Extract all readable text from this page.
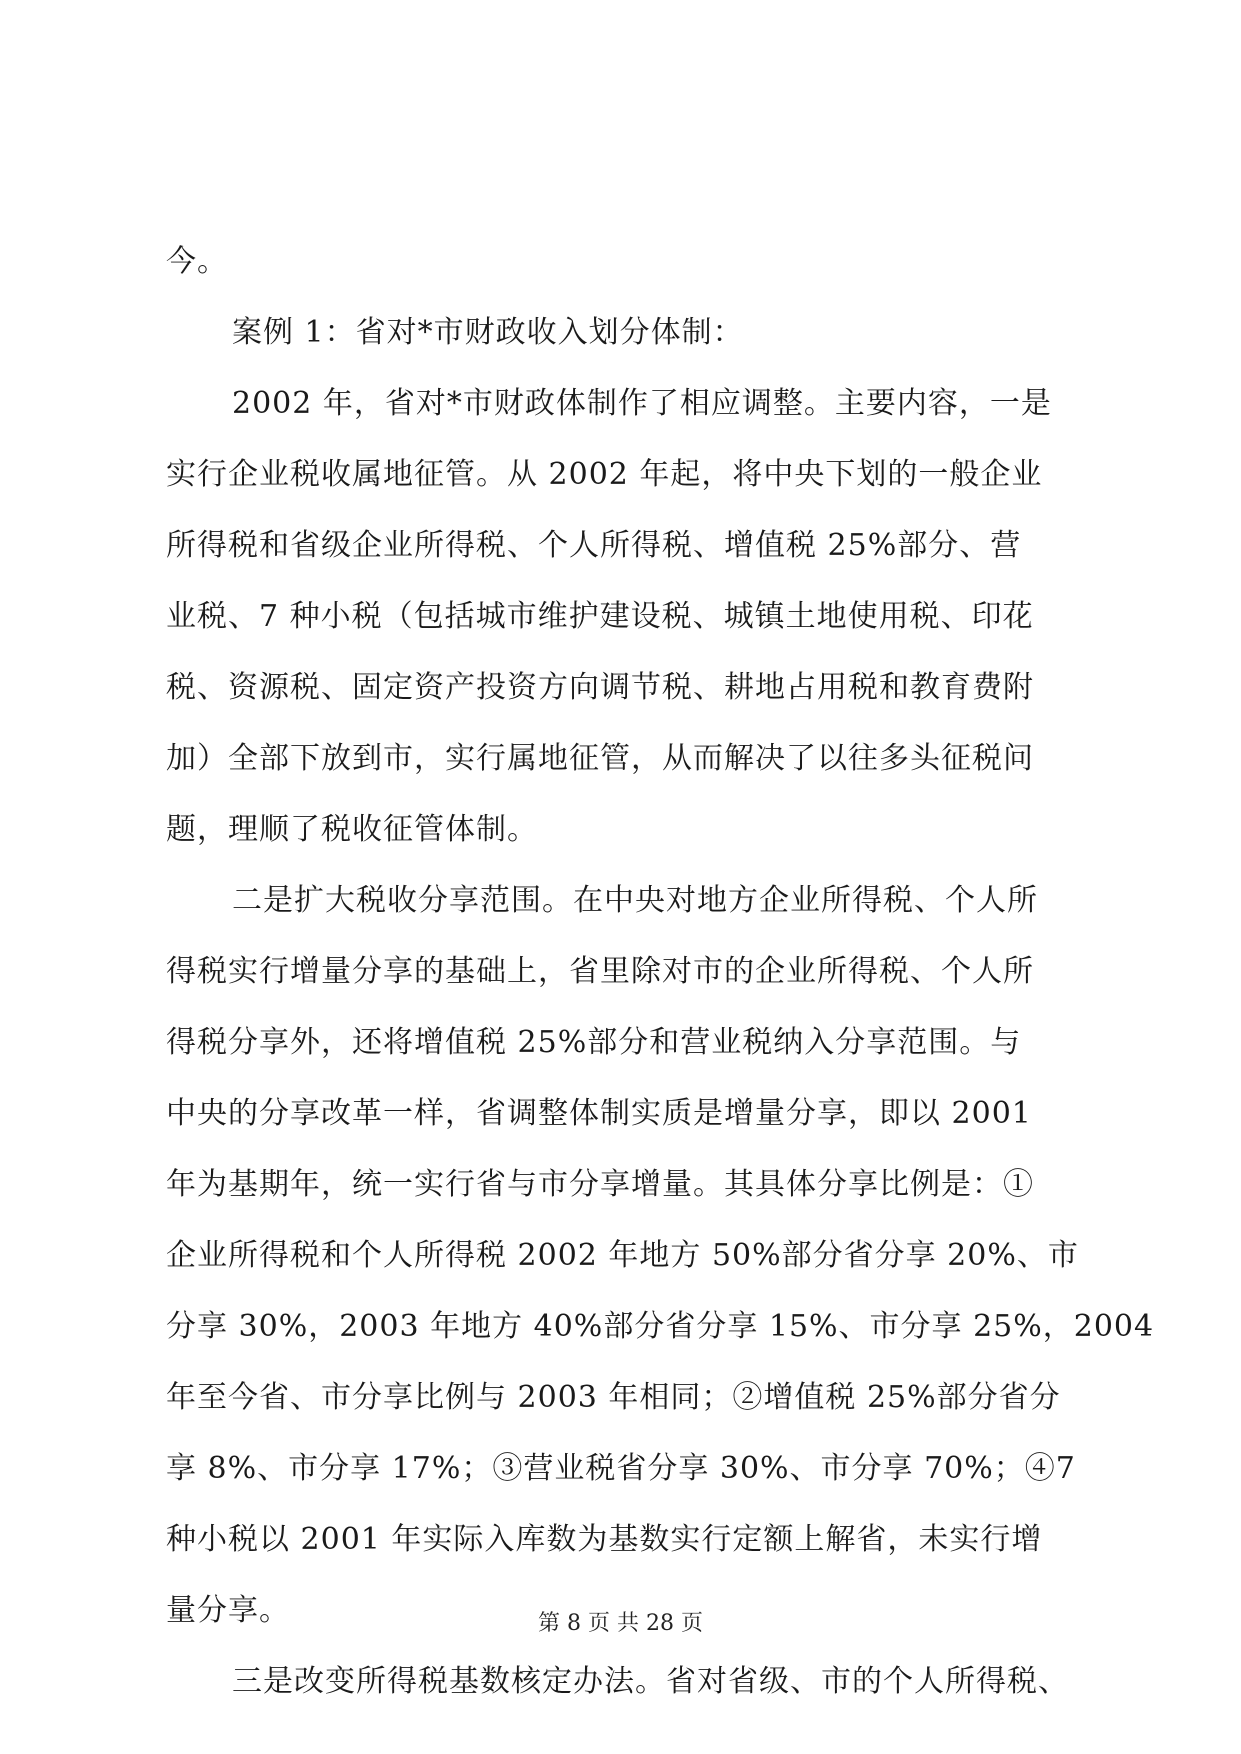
今。
案例 1：省对*市财政收入划分体制：
2002 年，省对*市财政体制作了相应调整。主要内容，一是
实行企业税收属地征管。从 2002 年起，将中央下划的一般企业
所得税和省级企业所得税、个人所得税、增值税 25%部分、营
业税、7 种小税（包括城市维护建设税、城镇土地使用税、印花
税、资源税、固定资产投资方向调节税、耕地占用税和教育费附
加）全部下放到市，实行属地征管，从而解决了以往多头征税问
题，理顺了税收征管体制。
二是扩大税收分享范围。在中央对地方企业所得税、个人所
得税实行增量分享的基础上，省里除对市的企业所得税、个人所
得税分享外，还将增值税 25%部分和营业税纳入分享范围。与
中央的分享改革一样，省调整体制实质是增量分享，即以 2001
年为基期年，统一实行省与市分享增量。其具体分享比例是：①
企业所得税和个人所得税 2002 年地方 50%部分省分享 20%、市
分享 30%，2003 年地方 40%部分省分享 15%、市分享 25%，2004
年至今省、市分享比例与 2003 年相同；②增值税 25%部分省分
享 8%、市分享 17%；③营业税省分享 30%、市分享 70%；④7
种小税以 2001 年实际入库数为基数实行定额上解省，未实行增
量分享。
三是改变所得税基数核定办法。省对省级、市的个人所得税、
第 8 页 共 28 页
